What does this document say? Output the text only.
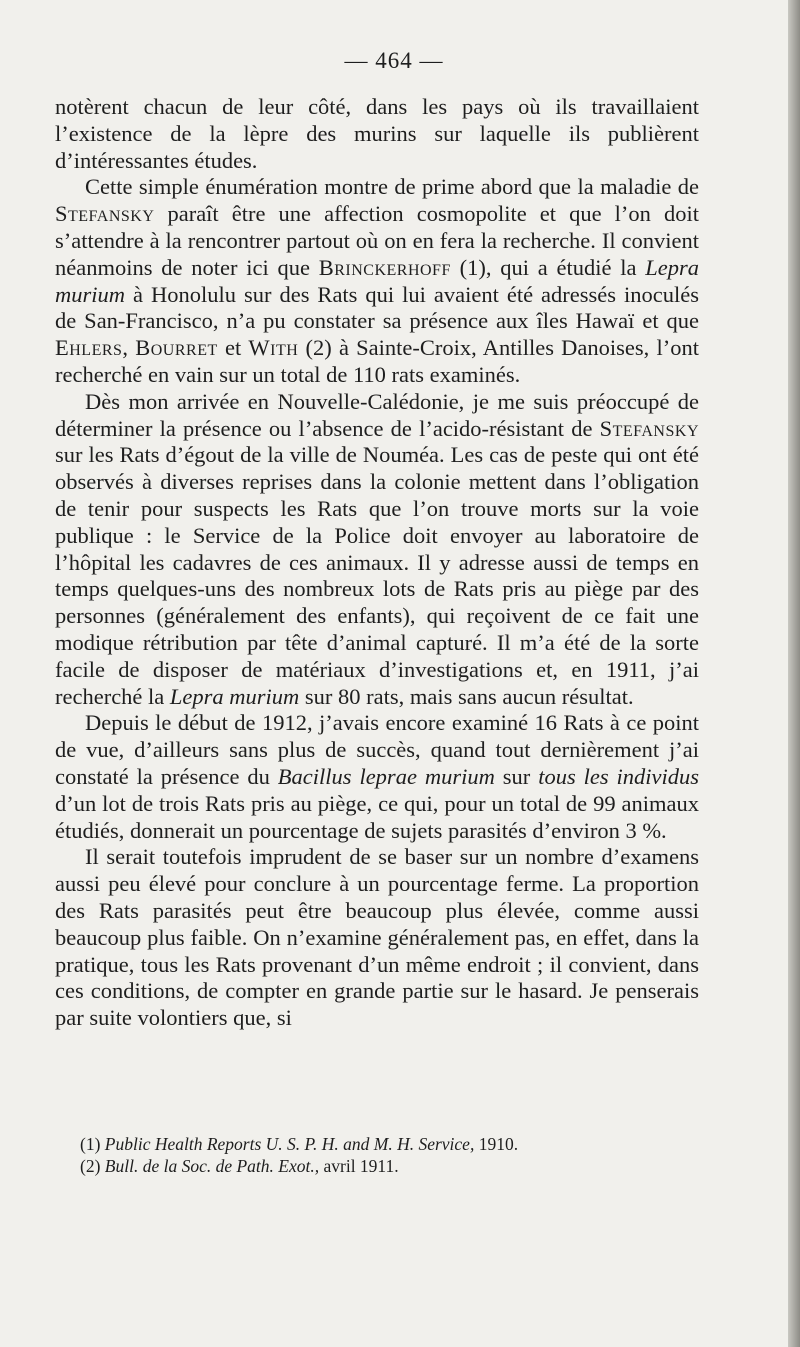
— 464 —

notèrent chacun de leur côté, dans les pays où ils travaillaient l’existence de la lèpre des murins sur laquelle ils publièrent d’intéressantes études.

Cette simple énumération montre de prime abord que la maladie de Stefansky paraît être une affection cosmopolite et que l’on doit s’attendre à la rencontrer partout où on en fera la recherche. Il convient néanmoins de noter ici que Brinckerhoff (1), qui a étudié la Lepra murium à Honolulu sur des Rats qui lui avaient été adressés inoculés de San-Francisco, n’a pu constater sa présence aux îles Hawaï et que Ehlers, Bourret et With (2) à Sainte-Croix, Antilles Danoises, l’ont recherché en vain sur un total de 110 rats examinés.

Dès mon arrivée en Nouvelle-Calédonie, je me suis préoccupé de déterminer la présence ou l’absence de l’acido-résistant de Stefansky sur les Rats d’égout de la ville de Nouméa. Les cas de peste qui ont été observés à diverses reprises dans la colonie mettent dans l’obligation de tenir pour suspects les Rats que l’on trouve morts sur la voie publique : le Service de la Police doit envoyer au laboratoire de l’hôpital les cadavres de ces animaux. Il y adresse aussi de temps en temps quelques-uns des nombreux lots de Rats pris au piège par des personnes (généralement des enfants), qui reçoivent de ce fait une modique rétribution par tête d’animal capturé. Il m’a été de la sorte facile de disposer de matériaux d’investigations et, en 1911, j’ai recherché la Lepra murium sur 80 rats, mais sans aucun résultat.

Depuis le début de 1912, j’avais encore examiné 16 Rats à ce point de vue, d’ailleurs sans plus de succès, quand tout dernièrement j’ai constaté la présence du Bacillus leprae murium sur tous les individus d’un lot de trois Rats pris au piège, ce qui, pour un total de 99 animaux étudiés, donnerait un pourcentage de sujets parasités d’environ 3 %.

Il serait toutefois imprudent de se baser sur un nombre d’examens aussi peu élevé pour conclure à un pourcentage ferme. La proportion des Rats parasités peut être beaucoup plus élevée, comme aussi beaucoup plus faible. On n’examine généralement pas, en effet, dans la pratique, tous les Rats provenant d’un même endroit ; il convient, dans ces conditions, de compter en grande partie sur le hasard. Je penserais par suite volontiers que, si

(1) Public Health Reports U. S. P. H. and M. H. Service, 1910.

(2) Bull. de la Soc. de Path. Exot., avril 1911.
